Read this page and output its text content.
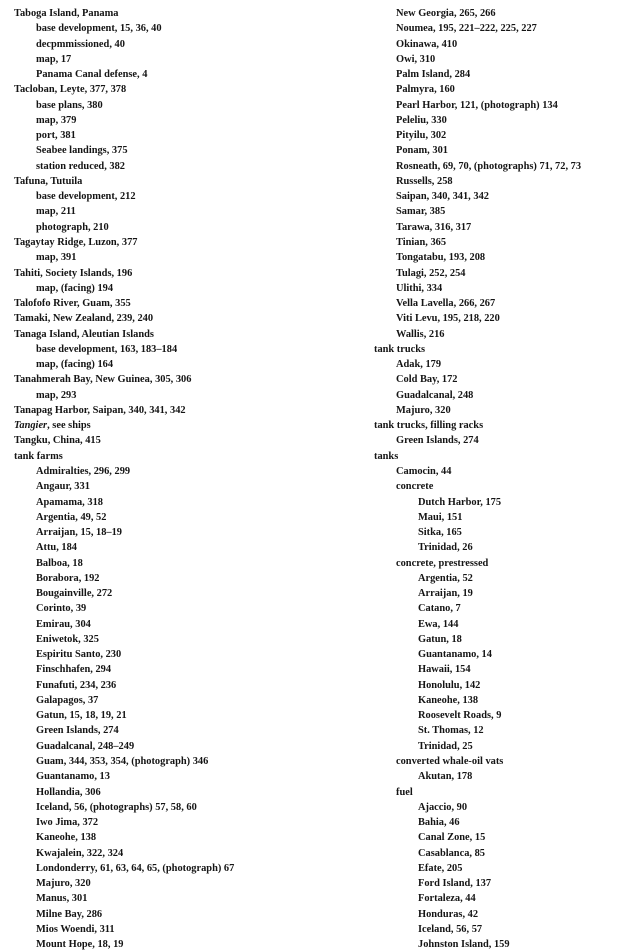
Taboga Island, Panama
base development, 15, 36, 40
decpmmissioned, 40
map, 17
Panama Canal defense, 4
Tacloban, Leyte, 377, 378
base plans, 380
map, 379
port, 381
Seabee landings, 375
station reduced, 382
Tafuna, Tutuila
base development, 212
map, 211
photograph, 210
Tagaytay Ridge, Luzon, 377
map, 391
Tahiti, Society Islands, 196
map, (facing) 194
Talofofo River, Guam, 355
Tamaki, New Zealand, 239, 240
Tanaga Island, Aleutian Islands
base development, 163, 183–184
map, (facing) 164
Tanahmerah Bay, New Guinea, 305, 306
map, 293
Tanapag Harbor, Saipan, 340, 341, 342
Tangier, see ships
Tangku, China, 415
tank farms
Admiralties, 296, 299
Angaur, 331
Apamama, 318
Argentia, 49, 52
Arraijan, 15, 18–19
Attu, 184
Balboa, 18
Borabora, 192
Bougainville, 272
Corinto, 39
Emirau, 304
Eniwetok, 325
Espiritu Santo, 230
Finschhafen, 294
Funafuti, 234, 236
Galapagos, 37
Gatun, 15, 18, 19, 21
Green Islands, 274
Guadalcanal, 248–249
Guam, 344, 353, 354, (photograph) 346
Guantanamo, 13
Hollandia, 306
Iceland, 56, (photographs) 57, 58, 60
Iwo Jima, 372
Kaneohe, 138
Kwajalein, 322, 324
Londonderry, 61, 63, 64, 65, (photograph) 67
Majuro, 320
Manus, 301
Milne Bay, 286
Mios Woendi, 311
Mount Hope, 18, 19
New Georgia, 265, 266
Noumea, 195, 221–222, 225, 227
Okinawa, 410
Owi, 310
Palm Island, 284
Palmyra, 160
Pearl Harbor, 121, (photograph) 134
Peleliu, 330
Pityilu, 302
Ponam, 301
Rosneath, 69, 70, (photographs) 71, 72, 73
Russells, 258
Saipan, 340, 341, 342
Samar, 385
Tarawa, 316, 317
Tinian, 365
Tongatabu, 193, 208
Tulagi, 252, 254
Ulithi, 334
Vella Lavella, 266, 267
Viti Levu, 195, 218, 220
Wallis, 216
tank trucks
Adak, 179
Cold Bay, 172
Guadalcanal, 248
Majuro, 320
tank trucks, filling racks
Green Islands, 274
tanks
Camocin, 44
concrete
Dutch Harbor, 175
Maui, 151
Sitka, 165
Trinidad, 26
concrete, prestressed
Argentia, 52
Arraijan, 19
Catano, 7
Ewa, 144
Gatun, 18
Guantanamo, 14
Hawaii, 154
Honolulu, 142
Kaneohe, 138
Roosevelt Roads, 9
St. Thomas, 12
Trinidad, 25
converted whale-oil vats
Akutan, 178
fuel
Ajaccio, 90
Bahia, 46
Canal Zone, 15
Casablanca, 85
Efate, 205
Ford Island, 137
Fortaleza, 44
Honduras, 42
Iceland, 56, 57
Johnston Island, 159
